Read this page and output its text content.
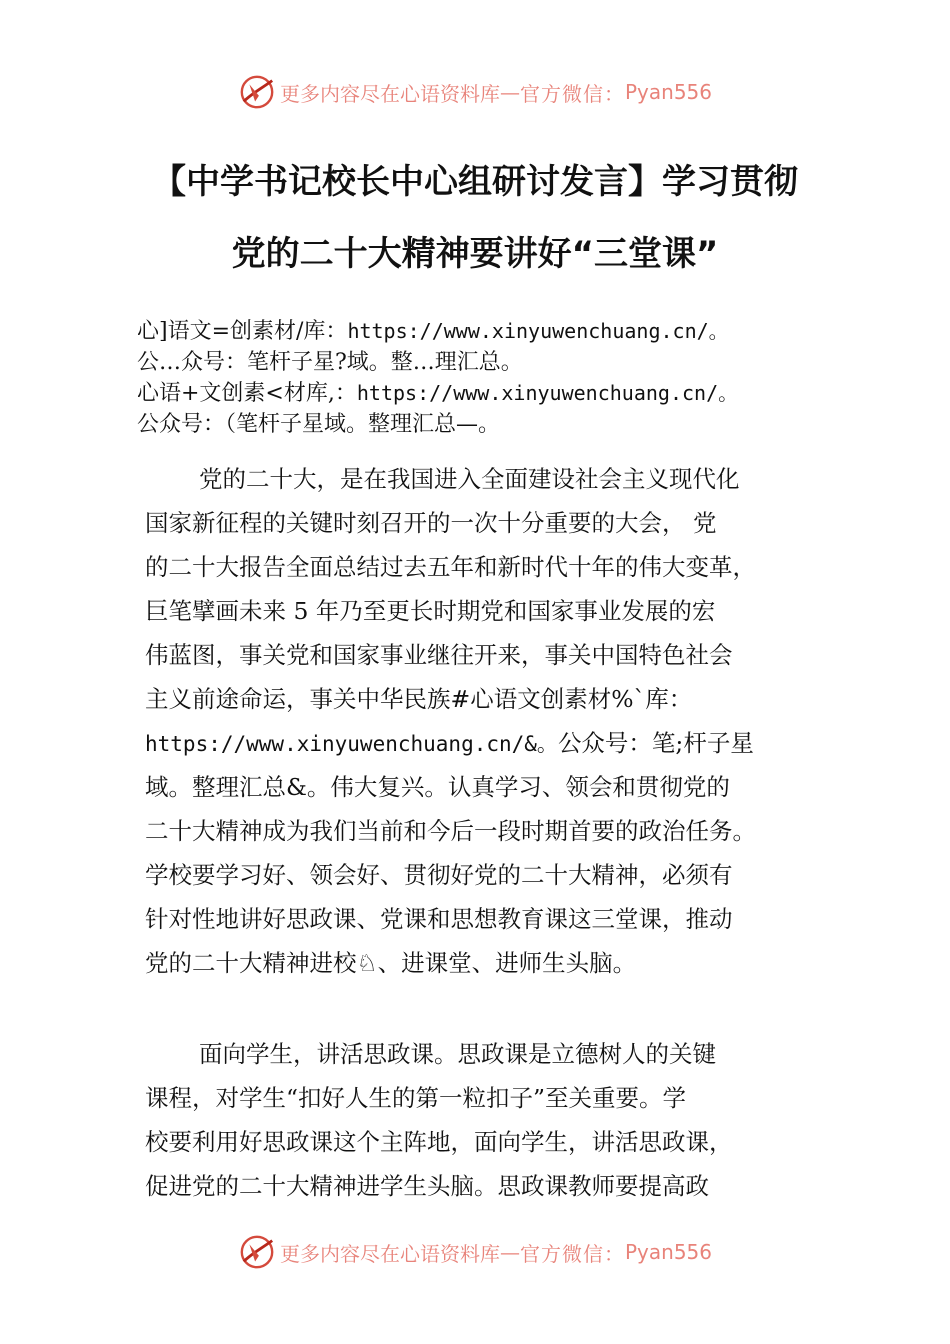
更多内容尽在心语资料库 — 官方微信： Pyan556
【中学书记校长中心组研讨发言】学习贯彻
党的二十大精神要讲好“三堂课”
心]语文=创素材/库：https://www.xinyuwenchuang.cn/。
公…众号：笔杆子星?域。整…理汇总。
心语+文创素<材库,：https://www.xinyuwenchuang.cn/。
公众号：（笔杆子星域。整理汇总—。
党的二十大，是在我国进入全面建设社会主义现代化
国家新征程的关键时刻召开的一次十分重要的大会， 党
的二十大报告全面总结过去五年和新时代十年的伟大变革，
巨笔擘画未来 5 年乃至更长时期党和国家事业发展的宏
伟蓝图，事关党和国家事业继往开来，事关中国特色社会
主义前途命运，事关中华民族#心语文创素材%`库：
https://www.xinyuwenchuang.cn/&。公众号：笔;杆子星
域。整理汇总&。伟大复兴。认真学习、领会和贯彻党的
二十大精神成为我们当前和今后一段时期首要的政治任务。
学校要学习好、领会好、贯彻好党的二十大精神，必须有
针对性地讲好思政课、党课和思想教育课这三堂课，推动
党的二十大精神进校♘、进课堂、进师生头脑。
面向学生，讲活思政课。思政课是立德树人的关键
课程，对学生“扣好人生的第一粒扣子”至关重要。学
校要利用好思政课这个主阵地，面向学生，讲活思政课，
促进党的二十大精神进学生头脑。思政课教师要提高政
更多内容尽在心语资料库 — 官方微信： Pyan556
